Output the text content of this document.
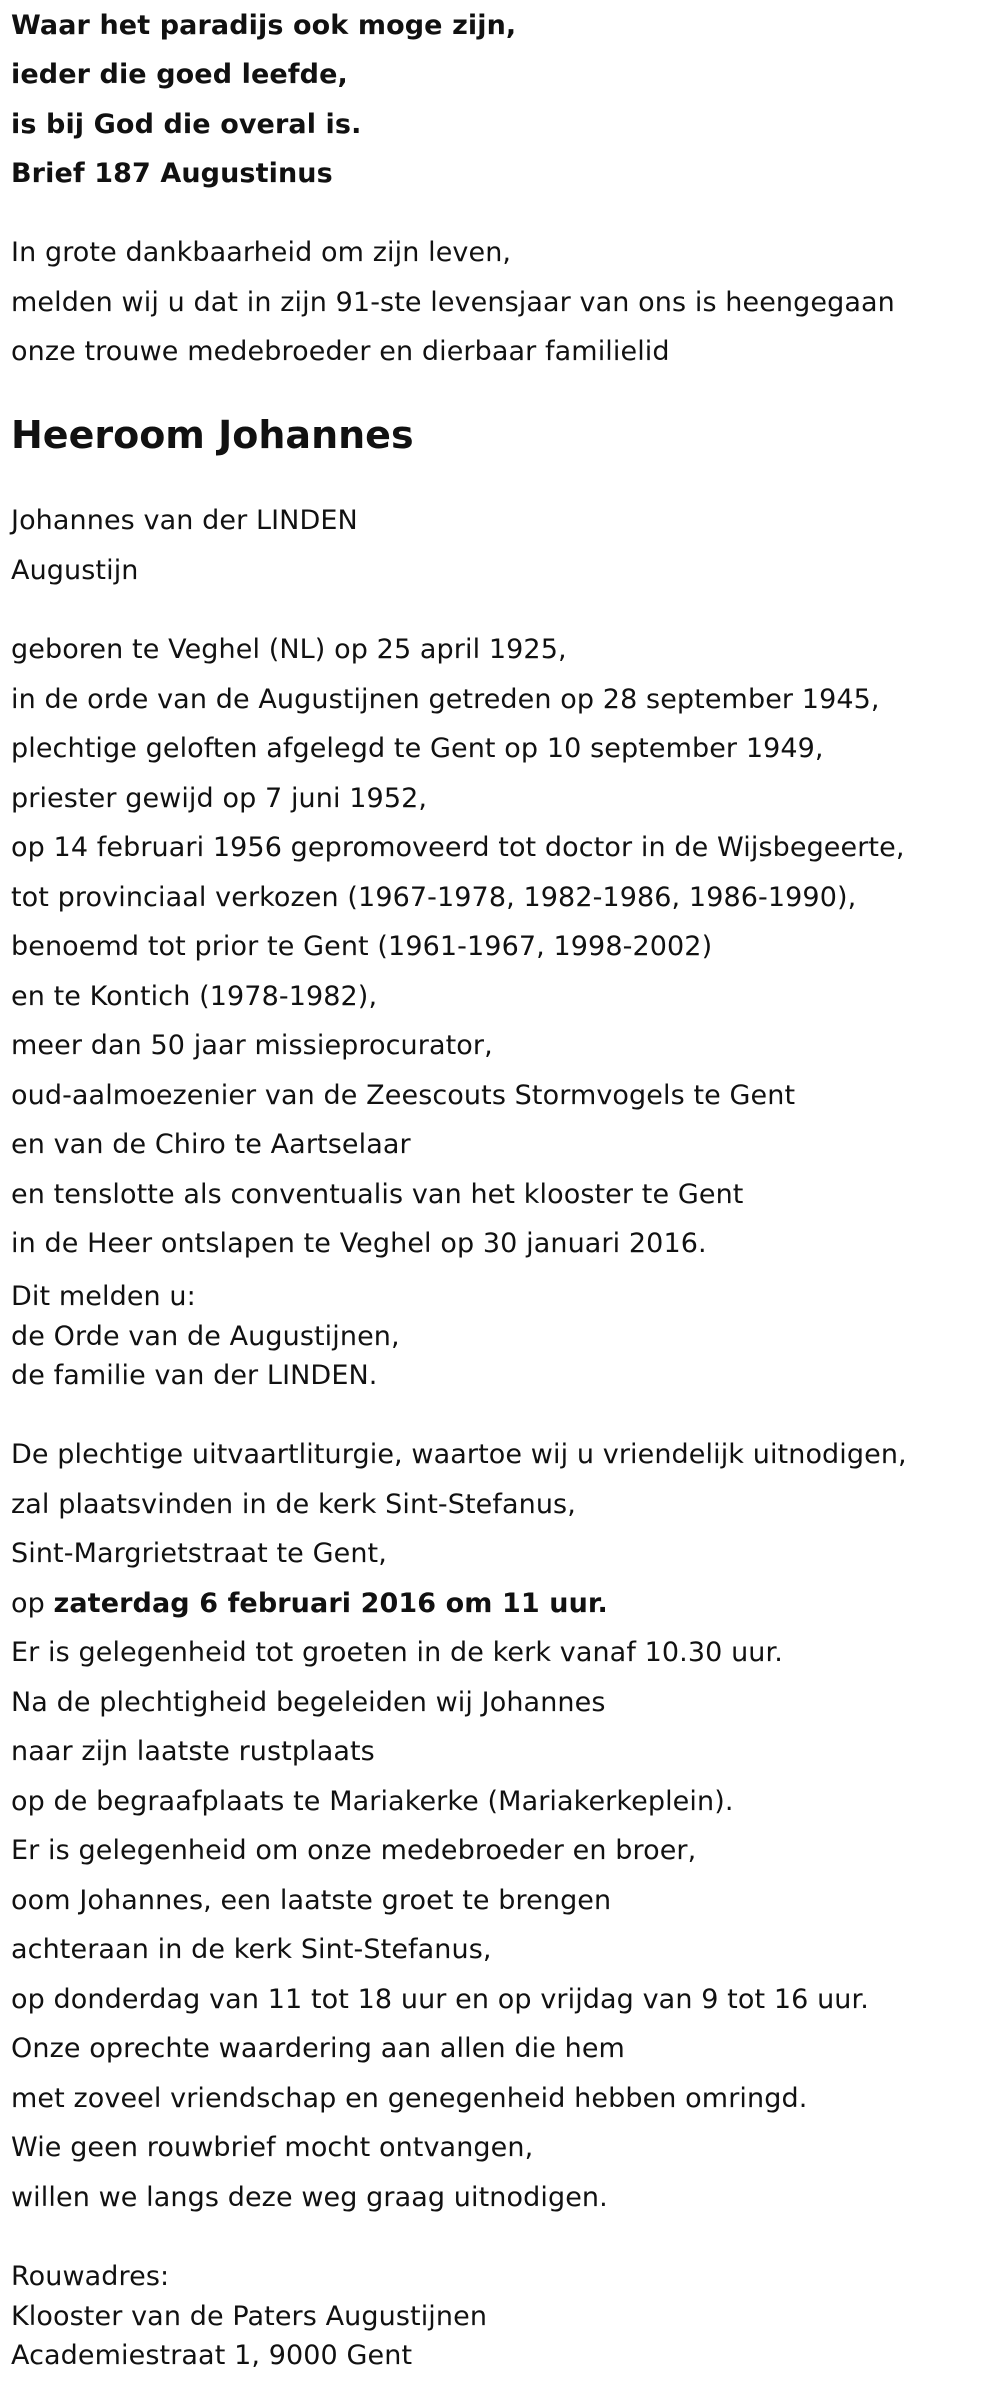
Waar het paradijs ook moge zijn,
ieder die goed leefde,
is bij God die overal is.
Brief 187 Augustinus
In grote dankbaarheid om zijn leven,
melden wij u dat in zijn 91-ste levensjaar van ons is heengegaan
onze trouwe medebroeder en dierbaar familielid
Heeroom Johannes
Johannes van der LINDEN
Augustijn
geboren te Veghel (NL) op 25 april 1925,
in de orde van de Augustijnen getreden op 28 september 1945,
plechtige geloften afgelegd te Gent op 10 september 1949,
priester gewijd op 7 juni 1952,
op 14 februari 1956 gepromoveerd tot doctor in de Wijsbegeerte,
tot provinciaal verkozen (1967-1978, 1982-1986, 1986-1990),
benoemd tot prior te Gent (1961-1967, 1998-2002)
en te Kontich (1978-1982),
meer dan 50 jaar missieprocurator,
oud-aalmoezenier van de Zeescouts Stormvogels te Gent
en van de Chiro te Aartselaar
en tenslotte als conventualis van het klooster te Gent
in de Heer ontslapen te Veghel op 30 januari 2016.
Dit melden u:
de Orde van de Augustijnen,
de familie van der LINDEN.
De plechtige uitvaartliturgie, waartoe wij u vriendelijk uitnodigen,
zal plaatsvinden in de kerk Sint-Stefanus,
Sint-Margrietstraat te Gent,
op zaterdag 6 februari 2016 om 11 uur.
Er is gelegenheid tot groeten in de kerk vanaf 10.30 uur.
Na de plechtigheid begeleiden wij Johannes
naar zijn laatste rustplaats
op de begraafplaats te Mariakerke (Mariakerkeplein).
Er is gelegenheid om onze medebroeder en broer,
oom Johannes, een laatste groet te brengen
achteraan in de kerk Sint-Stefanus,
op donderdag van 11 tot 18 uur en op vrijdag van 9 tot 16 uur.
Onze oprechte waardering aan allen die hem
met zoveel vriendschap en genegenheid hebben omringd.
Wie geen rouwbrief mocht ontvangen,
willen we langs deze weg graag uitnodigen.
Rouwadres:
Klooster van de Paters Augustijnen
Academiestraat 1, 9000 Gent
